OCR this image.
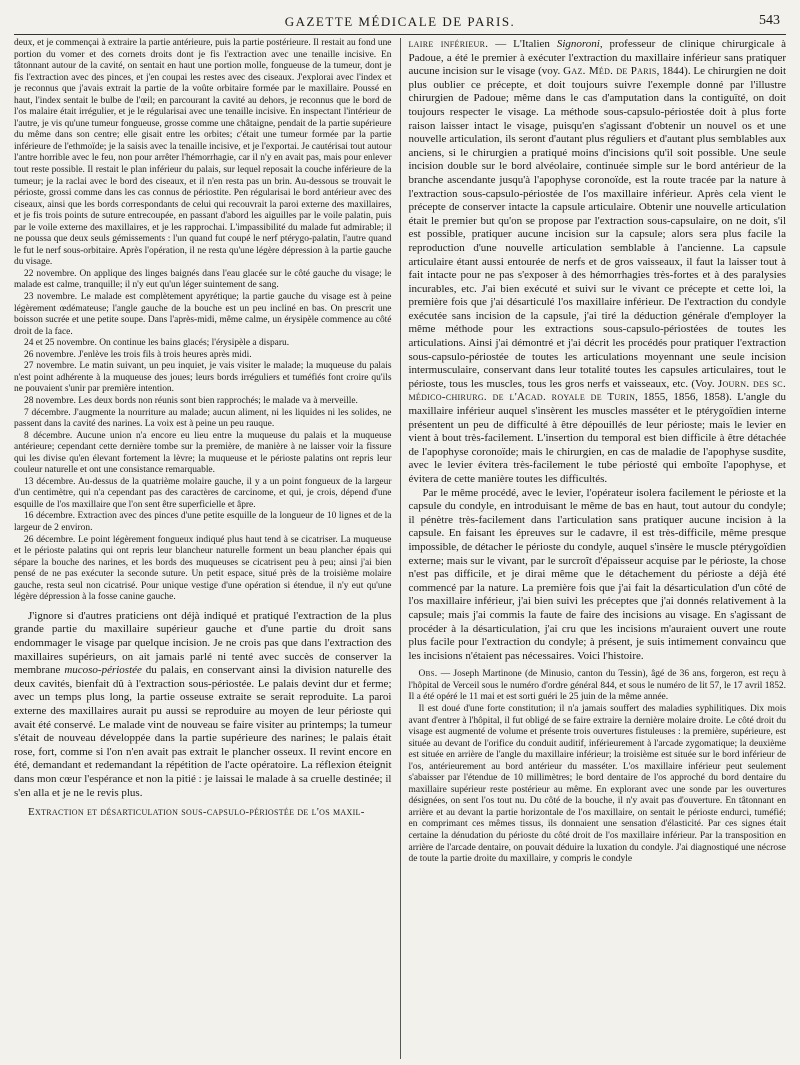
GAZETTE MÉDICALE DE PARIS.	543

deux, et je commençai à extraire la partie antérieure, puis la partie postérieure. Il restait au fond une portion du vomer et des cornets droits dont je fis l'extraction avec une tenaille incisive. En tâtonnant autour de la cavité, on sentait en haut une portion molle, fongueuse de la tumeur, dont je fis l'extraction avec des pinces, et j'en coupai les restes avec des ciseaux. J'explorai avec l'index et je reconnus que j'avais extrait la partie de la voûte orbitaire formée par le maxillaire. Poussé en haut, l'index sentait le bulbe de l'œil; en parcourant la cavité au dehors, je reconnus que le bord de l'os malaire était irrégulier, et je le régularisai avec une tenaille incisive. En inspectant l'intérieur de l'autre, je vis qu'une tumeur fongueuse, grosse comme une châtaigne, pendait de la partie supérieure du même dans son centre; elle gisait entre les orbites; c'était une tumeur formée par la partie inférieure de l'ethmoïde; je la saisis avec la tenaille incisive, et je l'exportai. Je cautérisai tout autour l'antre horrible avec le feu, non pour arrêter l'hémorrhagie, car il n'y en avait pas, mais pour enlever tout reste possible. Il restait le plan inférieur du palais, sur lequel reposait la couche inférieure de la tumeur; je la raclai avec le bord des ciseaux, et il n'en resta pas un brin. Au-dessous se trouvait le périoste, grossi comme dans les cas connus de périostite. Pen régularisai le bord antérieur avec des ciseaux, ainsi que les bords correspondants de celui qui recouvrait la paroi externe des maxillaires, et je fis trois points de suture entrecoupée, en passant d'abord les aiguilles par le voile palatin, puis par le voile externe des maxillaires, et je les rapprochai. L'impassibilité du malade fut admirable; il ne poussa que deux seuls gémissements : l'un quand fut coupé le nerf ptérygo-palatin, l'autre quand le fut le nerf sous-orbitaire. Après l'opération, il ne resta qu'une légère dépression à la partie gauche du visage.

22 novembre. On applique des linges baignés dans l'eau glacée sur le côté gauche du visage; le malade est calme, tranquille; il n'y eut qu'un léger suintement de sang.

23 novembre. Le malade est complètement apyrétique; la partie gauche du visage est à peine légèrement œdémateuse; l'angle gauche de la bouche est un peu incliné en bas. On prescrit une boisson sucrée et une petite soupe. Dans l'après-midi, même calme, un érysipèle commence au côté droit de la face.

24 et 25 novembre. On continue les bains glacés; l'érysipèle a disparu.

26 novembre. J'enlève les trois fils à trois heures après midi.

27 novembre. Le matin suivant, un peu inquiet, je vais visiter le malade; la muqueuse du palais n'est point adhérente à la muqueuse des joues; leurs bords irréguliers et tuméfiés font croire qu'ils ne pouvaient s'unir par première intention.

28 novembre. Les deux bords non réunis sont bien rapprochés; le malade va à merveille.

7 décembre. J'augmente la nourriture au malade; aucun aliment, ni les liquides ni les solides, ne passent dans la cavité des narines. La voix est à peine un peu rauque.

8 décembre. Aucune union n'a encore eu lieu entre la muqueuse du palais et la muqueuse antérieure; cependant cette dernière tombe sur la première, de manière à ne laisser voir la fissure qui les divise qu'en élevant fortement la lèvre; la muqueuse et le périoste palatins ont repris leur couleur naturelle et ont une consistance remarquable.

13 décembre. Au-dessus de la quatrième molaire gauche, il y a un point fongueux de la largeur d'un centimètre, qui n'a cependant pas des caractères de carcinome, et qui, je crois, dépend d'une esquille de l'os maxillaire que l'on sent être superficielle et âpre.

16 décembre. Extraction avec des pinces d'une petite esquille de la longueur de 10 lignes et de la largeur de 2 environ.

26 décembre. Le point légèrement fongueux indiqué plus haut tend à se cicatriser. La muqueuse et le périoste palatins qui ont repris leur blancheur naturelle forment un beau plancher épais qui sépare la bouche des narines, et les bords des muqueuses se cicatrisent peu à peu; ainsi j'ai bien pensé de ne pas exécuter la seconde suture. Un petit espace, situé près de la troisième molaire gauche, resta seul non cicatrisé. Pour unique vestige d'une opération si étendue, il n'y eut qu'une légère dépression à la fosse canine gauche.

J'ignore si d'autres praticiens ont déjà indiqué et pratiqué l'extraction de la plus grande partie du maxillaire supérieur gauche et d'une partie du droit sans endommager le visage par quelque incision. Je ne crois pas que dans l'extraction des maxillaires supérieurs, on ait jamais parlé ni tenté avec succès de conserver la membrane mucoso-périostée du palais, en conservant ainsi la division naturelle des deux cavités, bienfait dû à l'extraction sous-périostée. Le palais devint dur et ferme; avec un temps plus long, la partie osseuse extraite se serait reproduite. La paroi externe des maxillaires aurait pu aussi se reproduire au moyen de leur périoste qui avait été conservé. Le malade vint de nouveau se faire visiter au printemps; la tumeur s'était de nouveau développée dans la partie supérieure des narines; le palais était rose, fort, comme si l'on n'en avait pas extrait le plancher osseux. Il revint encore en été, demandant et redemandant la répétition de l'acte opératoire. La réflexion éteignit dans mon cœur l'espérance et non la pitié : je laissai le malade à sa cruelle destinée; il s'en alla et je ne le revis plus.

Extraction et désarticulation sous-capsulo-périostée de l'os maxil-

laire inférieur. — L'Italien Signoroni, professeur de clinique chirurgicale à Padoue, a été le premier à exécuter l'extraction du maxillaire inférieur sans pratiquer aucune incision sur le visage (voy. Gaz. Méd. de Paris, 1844). Le chirurgien ne doit plus oublier ce précepte, et doit toujours suivre l'exemple donné par l'illustre chirurgien de Padoue; même dans le cas d'amputation dans la contiguïté, on doit toujours respecter le visage. La méthode sous-capsulo-périostée doit à plus forte raison laisser intact le visage, puisqu'en s'agissant d'obtenir un nouvel os et une nouvelle articulation, ils seront d'autant plus réguliers et d'autant plus semblables aux anciens, si le chirurgien a pratiqué moins d'incisions qu'il soit possible. Une seule incision double sur le bord alvéolaire, continuée simple sur le bord antérieur de la branche ascendante jusqu'à l'apophyse coronoïde, est la route tracée par la nature à l'extraction sous-capsulo-périostée de l'os maxillaire inférieur. Après cela vient le précepte de conserver intacte la capsule articulaire. Obtenir une nouvelle articulation était le premier but qu'on se propose par l'extraction sous-capsulaire, on ne doit, s'il est possible, pratiquer aucune incision sur la capsule; alors sera plus facile la reproduction d'une nouvelle articulation semblable à l'ancienne. La capsule articulaire étant aussi entourée de nerfs et de gros vaisseaux, il faut la laisser tout à fait intacte pour ne pas s'exposer à des hémorrhagies très-fortes et à des paralysies incurables, etc. J'ai bien exécuté et suivi sur le vivant ce précepte et cette loi, la première fois que j'ai désarticulé l'os maxillaire inférieur. De l'extraction du condyle exécutée sans incision de la capsule, j'ai tiré la déduction générale d'employer la même méthode pour les extractions sous-capsulo-périostées de toutes les articulations. Ainsi j'ai démontré et j'ai décrit les procédés pour pratiquer l'extraction sous-capsulo-périostée de toutes les articulations moyennant une seule incision intermusculaire, conservant dans leur totalité toutes les capsules articulaires, tout le périoste, tous les muscles, tous les gros nerfs et vaisseaux, etc. (Voy. Journ. des sc. médico-chirurg. de l'Acad. royale de Turin, 1855, 1856, 1858). L'angle du maxillaire inférieur auquel s'insèrent les muscles masséter et le ptérygoïdien interne présentent un peu de difficulté à être dépouillés de leur périoste; mais le levier en vient à bout très-facilement. L'insertion du temporal est bien difficile à être détachée de l'apophyse coronoïde; mais le chirurgien, en cas de maladie de l'apophyse susdite, avec le levier évitera très-facilement le tube périosté qui emboîte l'apophyse, et évitera de cette manière toutes les difficultés.

Par le même procédé, avec le levier, l'opérateur isolera facilement le périoste et la capsule du condyle, en introduisant le même de bas en haut, tout autour du condyle; il pénètre très-facilement dans l'articulation sans pratiquer aucune incision à la capsule. En faisant les épreuves sur le cadavre, il est très-difficile, même presque impossible, de détacher le périoste du condyle, auquel s'insère le muscle ptérygoïdien externe; mais sur le vivant, par le surcroît d'épaisseur acquise par le périoste, la chose n'est pas difficile, et je dirai même que le détachement du périoste a déjà été commencé par la nature. La première fois que j'ai fait la désarticulation d'un côté de l'os maxillaire inférieur, j'ai bien suivi les préceptes que j'ai donnés relativement à la capsule; mais j'ai commis la faute de faire des incisions au visage. En s'agissant de procéder à la désarticulation, j'ai cru que les incisions m'auraient ouvert une route plus facile pour l'extraction du condyle; à présent, je suis intimement convaincu que les incisions n'étaient pas nécessaires. Voici l'histoire.

Obs. — Joseph Martinone (de Minusio, canton du Tessin), âgé de 36 ans, forgeron, est reçu à l'hôpital de Verceil sous le numéro d'ordre général 844, et sous le numéro de lit 57, le 17 avril 1852. Il a été opéré le 11 mai et est sorti guéri le 25 juin de la même année.

Il est doué d'une forte constitution; il n'a jamais souffert des maladies syphilitiques. Dix mois avant d'entrer à l'hôpital, il fut obligé de se faire extraire la dernière molaire droite. Le côté droit du visage est augmenté de volume et présente trois ouvertures fistuleuses : la première, supérieure, est située au devant de l'orifice du conduit auditif, inférieurement à l'arcade zygomatique; la deuxième est située en arrière de l'angle du maxillaire inférieur; la troisième est située sur le bord inférieur de l'os, antérieurement au bord antérieur du masséter. L'os maxillaire inférieur peut seulement s'abaisser par l'étendue de 10 millimètres; le bord dentaire de l'os approché du bord dentaire du maxillaire supérieur reste postérieur au même. En explorant avec une sonde par les ouvertures désignées, on sent l'os tout nu. Du côté de la bouche, il n'y avait pas d'ouverture. En tâtonnant en arrière et au devant la partie horizontale de l'os maxillaire, on sentait le périoste endurci, tuméfié; en comprimant ces mêmes tissus, ils donnaient une sensation d'élasticité. Par ces signes était certaine la dénudation du périoste du côté droit de l'os maxillaire inférieur. Par la transposition en arrière de l'arcade dentaire, on pouvait déduire la luxation du condyle. J'ai diagnostiqué une nécrose de toute la partie droite du maxillaire, y compris le condyle
